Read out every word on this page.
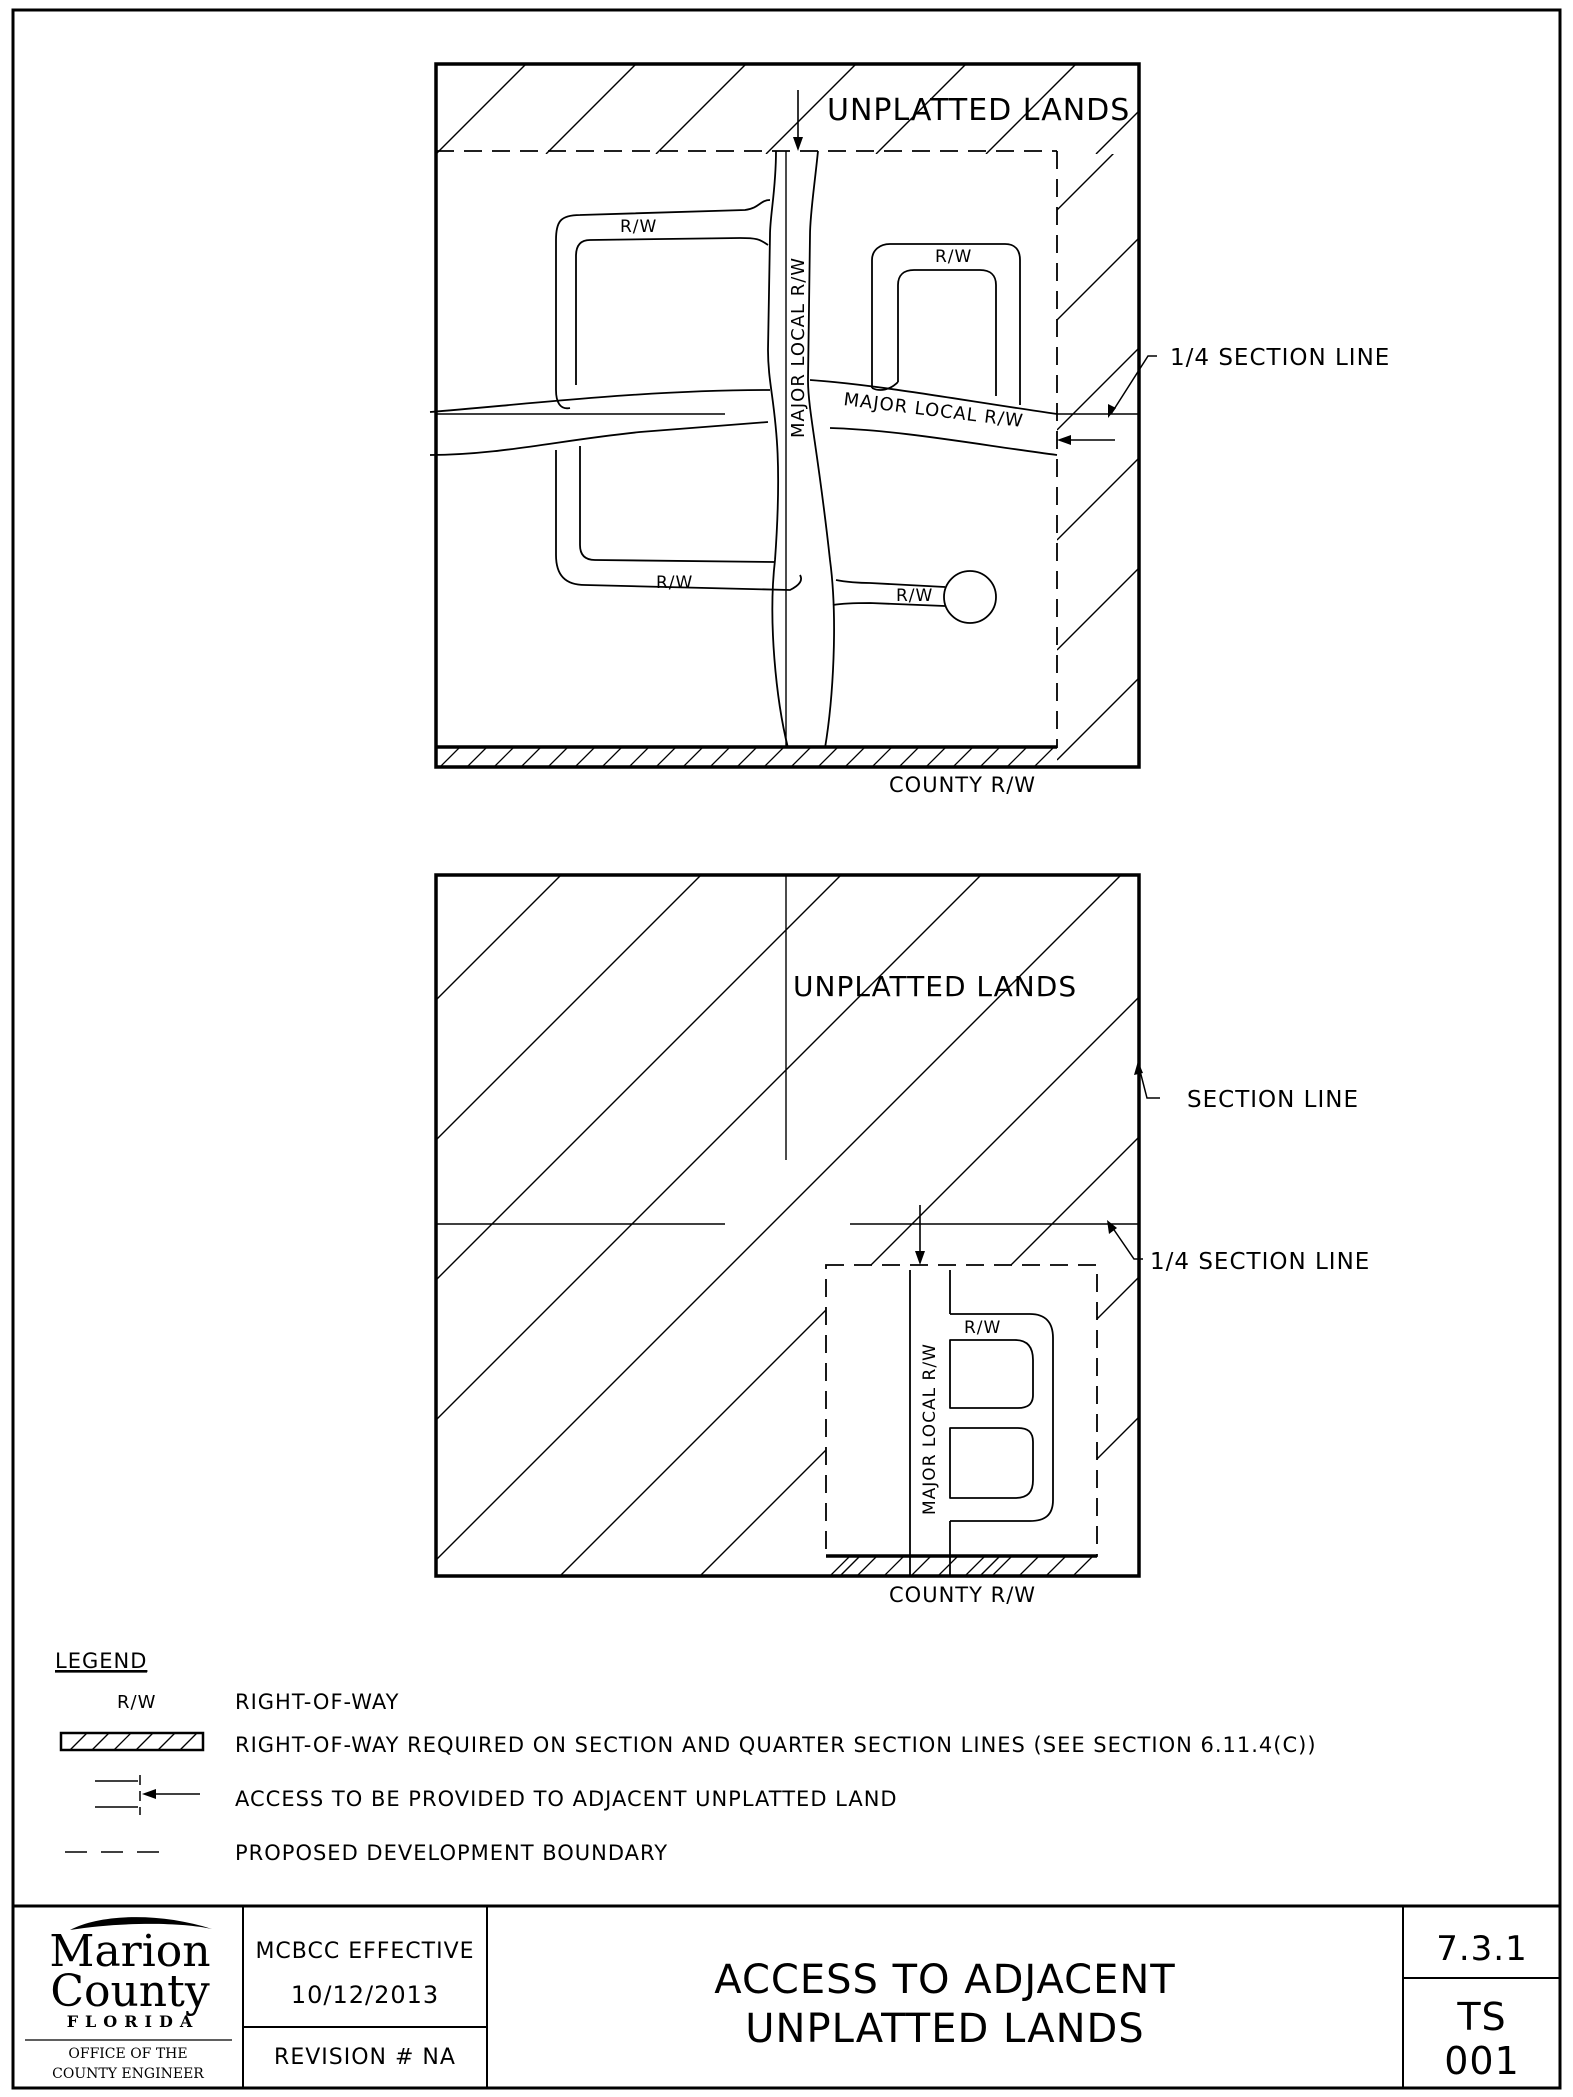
UNPLATTED LANDS
1/4 SECTION LINE
MAJOR LOCAL R/W MAJOR LOCAL R/W
R/W
R/W
R/W
R/W
COUNTY R/W
UNPLATTED LANDS
SECTION LINE
1/4 SECTION LINE
MAJOR LOCAL R/W
R/W
COUNTY R/W
LEGEND
R/W	RIGHT-OF-WAY
RIGHT-OF-WAY REQUIRED ON SECTION AND QUARTER SECTION LINES (SEE SECTION 6.11.4(C))
ACCESS TO BE PROVIDED TO ADJACENT UNPLATTED LAND
PROPOSED DEVELOPMENT BOUNDARY
Marion
County
FLORIDA
OFFICE OF THE
COUNTY ENGINEER
MCBCC EFFECTIVE
10/12/2013
REVISION # NA
ACCESS TO ADJACENT
UNPLATTED LANDS
7.3.1
TS
001
